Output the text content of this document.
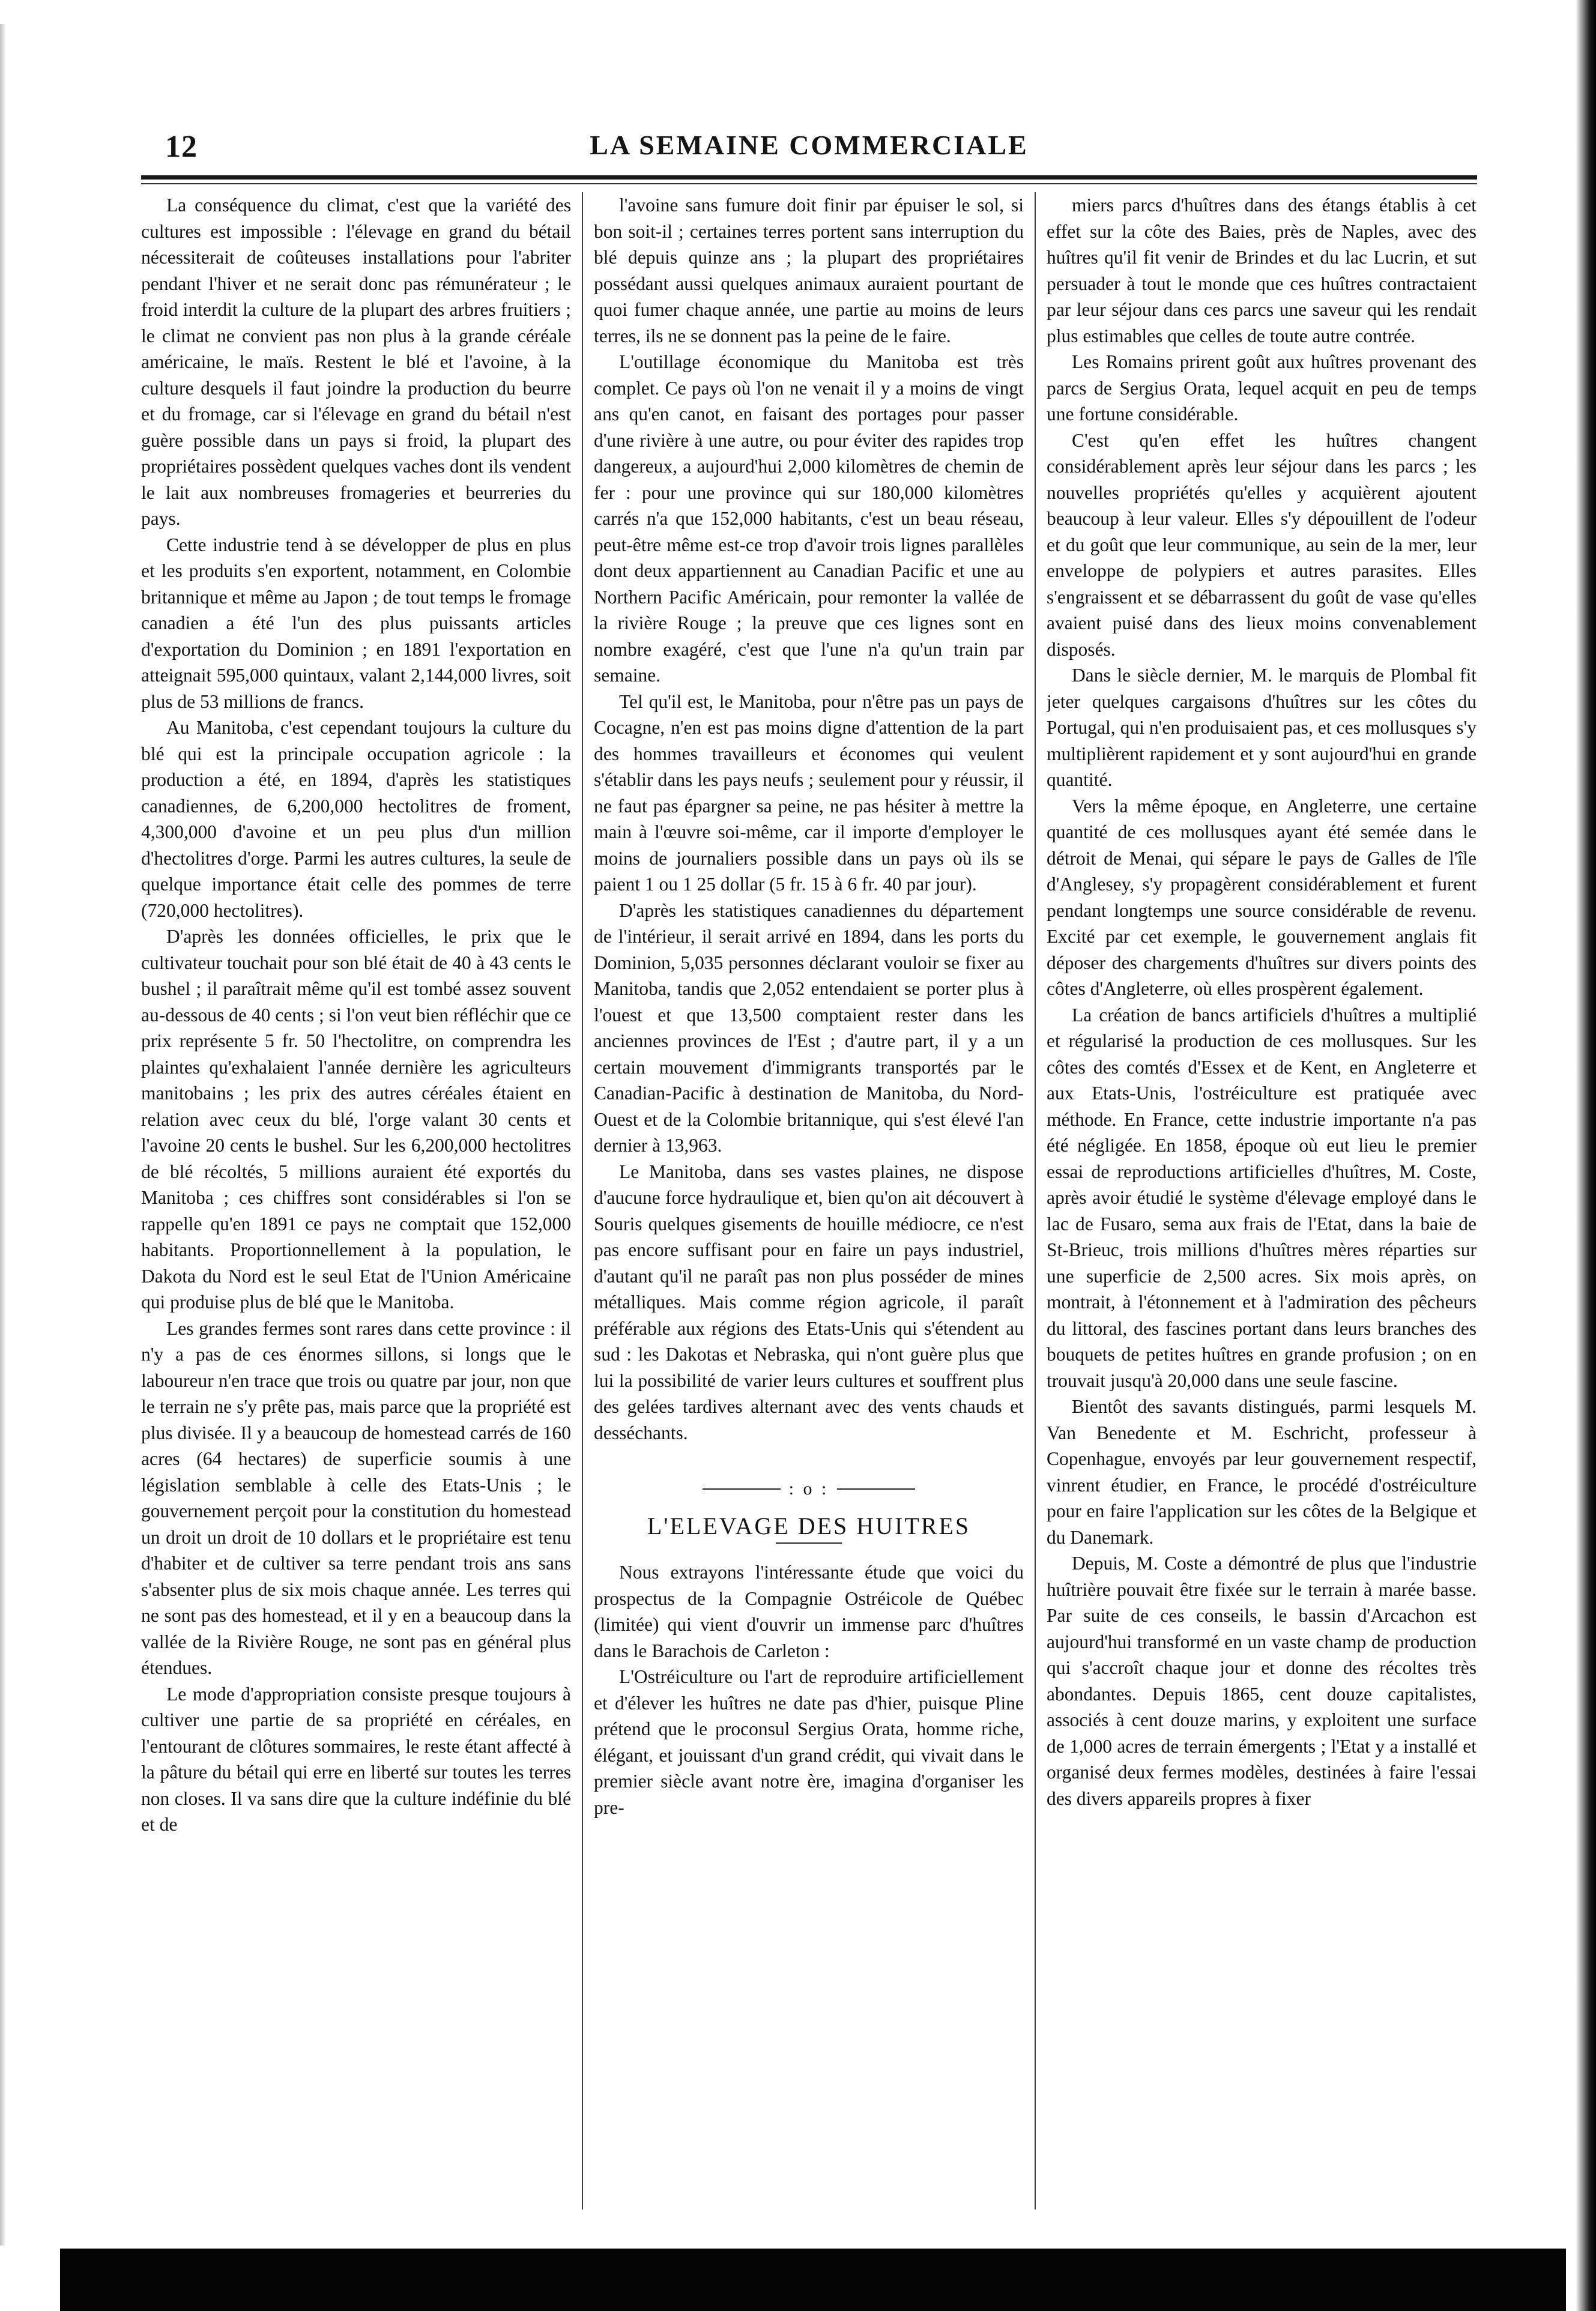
12	LA SEMAINE COMMERCIALE

La conséquence du climat, c'est que la variété des cultures est impossible : l'élevage en grand du bétail nécessiterait de coûteuses installations pour l'abriter pendant l'hiver et ne serait donc pas rémunérateur ; le froid interdit la culture de la plupart des arbres fruitiers ; le climat ne convient pas non plus à la grande céréale américaine, le maïs. Restent le blé et l'avoine, à la culture desquels il faut joindre la production du beurre et du fromage, car si l'élevage en grand du bétail n'est guère possible dans un pays si froid, la plupart des propriétaires possèdent quelques vaches dont ils vendent le lait aux nombreuses fromageries et beurreries du pays.

Cette industrie tend à se développer de plus en plus et les produits s'en exportent, notamment, en Colombie britannique et même au Japon ; de tout temps le fromage canadien a été l'un des plus puissants articles d'exportation du Dominion ; en 1891 l'exportation en atteignait 595,000 quintaux, valant 2,144,000 livres, soit plus de 53 millions de francs.

Au Manitoba, c'est cependant toujours la culture du blé qui est la principale occupation agricole : la production a été, en 1894, d'après les statistiques canadiennes, de 6,200,000 hectolitres de froment, 4,300,000 d'avoine et un peu plus d'un million d'hectolitres d'orge. Parmi les autres cultures, la seule de quelque importance était celle des pommes de terre (720,000 hectolitres).

D'après les données officielles, le prix que le cultivateur touchait pour son blé était de 40 à 43 cents le bushel ; il paraîtrait même qu'il est tombé assez souvent au-dessous de 40 cents ; si l'on veut bien réfléchir que ce prix représente 5 fr. 50 l'hectolitre, on comprendra les plaintes qu'exhalaient l'année dernière les agriculteurs manitobains ; les prix des autres céréales étaient en relation avec ceux du blé, l'orge valant 30 cents et l'avoine 20 cents le bushel. Sur les 6,200,000 hectolitres de blé récoltés, 5 millions auraient été exportés du Manitoba ; ces chiffres sont considérables si l'on se rappelle qu'en 1891 ce pays ne comptait que 152,000 habitants. Proportionnellement à la population, le Dakota du Nord est le seul Etat de l'Union Américaine qui produise plus de blé que le Manitoba.

Les grandes fermes sont rares dans cette province : il n'y a pas de ces énormes sillons, si longs que le laboureur n'en trace que trois ou quatre par jour, non que le terrain ne s'y prête pas, mais parce que la propriété est plus divisée. Il y a beaucoup de homestead carrés de 160 acres (64 hectares) de superficie soumis à une législation semblable à celle des Etats-Unis ; le gouvernement perçoit pour la constitution du homestead un droit un droit de 10 dollars et le propriétaire est tenu d'habiter et de cultiver sa terre pendant trois ans sans s'absenter plus de six mois chaque année. Les terres qui ne sont pas des homestead, et il y en a beaucoup dans la vallée de la Rivière Rouge, ne sont pas en général plus étendues.

Le mode d'appropriation consiste presque toujours à cultiver une partie de sa propriété en céréales, en l'entourant de clôtures sommaires, le reste étant affecté à la pâture du bétail qui erre en liberté sur toutes les terres non closes. Il va sans dire que la culture indéfinie du blé et de

l'avoine sans fumure doit finir par épuiser le sol, si bon soit-il ; certaines terres portent sans interruption du blé depuis quinze ans ; la plupart des propriétaires possédant aussi quelques animaux auraient pourtant de quoi fumer chaque année, une partie au moins de leurs terres, ils ne se donnent pas la peine de le faire.

L'outillage économique du Manitoba est très complet. Ce pays où l'on ne venait il y a moins de vingt ans qu'en canot, en faisant des portages pour passer d'une rivière à une autre, ou pour éviter des rapides trop dangereux, a aujourd'hui 2,000 kilomètres de chemin de fer : pour une province qui sur 180,000 kilomètres carrés n'a que 152,000 habitants, c'est un beau réseau, peut-être même est-ce trop d'avoir trois lignes parallèles dont deux appartiennent au Canadian Pacific et une au Northern Pacific Américain, pour remonter la vallée de la rivière Rouge ; la preuve que ces lignes sont en nombre exagéré, c'est que l'une n'a qu'un train par semaine.

Tel qu'il est, le Manitoba, pour n'être pas un pays de Cocagne, n'en est pas moins digne d'attention de la part des hommes travailleurs et économes qui veulent s'établir dans les pays neufs ; seulement pour y réussir, il ne faut pas épargner sa peine, ne pas hésiter à mettre la main à l'œuvre soi-même, car il importe d'employer le moins de journaliers possible dans un pays où ils se paient 1 ou 1 25 dollar (5 fr. 15 à 6 fr. 40 par jour).

D'après les statistiques canadiennes du département de l'intérieur, il serait arrivé en 1894, dans les ports du Dominion, 5,035 personnes déclarant vouloir se fixer au Manitoba, tandis que 2,052 entendaient se porter plus à l'ouest et que 13,500 comptaient rester dans les anciennes provinces de l'Est ; d'autre part, il y a un certain mouvement d'immigrants transportés par le Canadian-Pacific à destination de Manitoba, du Nord-Ouest et de la Colombie britannique, qui s'est élevé l'an dernier à 13,963.

Le Manitoba, dans ses vastes plaines, ne dispose d'aucune force hydraulique et, bien qu'on ait découvert à Souris quelques gisements de houille médiocre, ce n'est pas encore suffisant pour en faire un pays industriel, d'autant qu'il ne paraît pas non plus posséder de mines métalliques. Mais comme région agricole, il paraît préférable aux régions des Etats-Unis qui s'étendent au sud : les Dakotas et Nebraska, qui n'ont guère plus que lui la possibilité de varier leurs cultures et souffrent plus des gelées tardives alternant avec des vents chauds et desséchants.

: o :
L'ELEVAGE DES HUITRES

Nous extrayons l'intéressante étude que voici du prospectus de la Compagnie Ostréicole de Québec (limitée) qui vient d'ouvrir un immense parc d'huîtres dans le Barachois de Carleton :

L'Ostréiculture ou l'art de reproduire artificiellement et d'élever les huîtres ne date pas d'hier, puisque Pline prétend que le proconsul Sergius Orata, homme riche, élégant, et jouissant d'un grand crédit, qui vivait dans le premier siècle avant notre ère, imagina d'organiser les pre-

miers parcs d'huîtres dans des étangs établis à cet effet sur la côte des Baies, près de Naples, avec des huîtres qu'il fit venir de Brindes et du lac Lucrin, et sut persuader à tout le monde que ces huîtres contractaient par leur séjour dans ces parcs une saveur qui les rendait plus estimables que celles de toute autre contrée.

Les Romains prirent goût aux huîtres provenant des parcs de Sergius Orata, lequel acquit en peu de temps une fortune considérable.

C'est qu'en effet les huîtres changent considérablement après leur séjour dans les parcs ; les nouvelles propriétés qu'elles y acquièrent ajoutent beaucoup à leur valeur. Elles s'y dépouillent de l'odeur et du goût que leur communique, au sein de la mer, leur enveloppe de polypiers et autres parasites. Elles s'engraissent et se débarrassent du goût de vase qu'elles avaient puisé dans des lieux moins convenablement disposés.

Dans le siècle dernier, M. le marquis de Plombal fit jeter quelques cargaisons d'huîtres sur les côtes du Portugal, qui n'en produisaient pas, et ces mollusques s'y multiplièrent rapidement et y sont aujourd'hui en grande quantité.

Vers la même époque, en Angleterre, une certaine quantité de ces mollusques ayant été semée dans le détroit de Menai, qui sépare le pays de Galles de l'île d'Anglesey, s'y propagèrent considérablement et furent pendant longtemps une source considérable de revenu. Excité par cet exemple, le gouvernement anglais fit déposer des chargements d'huîtres sur divers points des côtes d'Angleterre, où elles prospèrent également.

La création de bancs artificiels d'huîtres a multiplié et régularisé la production de ces mollusques. Sur les côtes des comtés d'Essex et de Kent, en Angleterre et aux Etats-Unis, l'ostréiculture est pratiquée avec méthode. En France, cette industrie importante n'a pas été négligée. En 1858, époque où eut lieu le premier essai de reproductions artificielles d'huîtres, M. Coste, après avoir étudié le système d'élevage employé dans le lac de Fusaro, sema aux frais de l'Etat, dans la baie de St-Brieuc, trois millions d'huîtres mères réparties sur une superficie de 2,500 acres. Six mois après, on montrait, à l'étonnement et à l'admiration des pêcheurs du littoral, des fascines portant dans leurs branches des bouquets de petites huîtres en grande profusion ; on en trouvait jusqu'à 20,000 dans une seule fascine.

Bientôt des savants distingués, parmi lesquels M. Van Benedente et M. Eschricht, professeur à Copenhague, envoyés par leur gouvernement respectif, vinrent étudier, en France, le procédé d'ostréiculture pour en faire l'application sur les côtes de la Belgique et du Danemark.

Depuis, M. Coste a démontré de plus que l'industrie huîtrière pouvait être fixée sur le terrain à marée basse. Par suite de ces conseils, le bassin d'Arcachon est aujourd'hui transformé en un vaste champ de production qui s'accroît chaque jour et donne des récoltes très abondantes. Depuis 1865, cent douze capitalistes, associés à cent douze marins, y exploitent une surface de 1,000 acres de terrain émergents ; l'Etat y a installé et organisé deux fermes modèles, destinées à faire l'essai des divers appareils propres à fixer
